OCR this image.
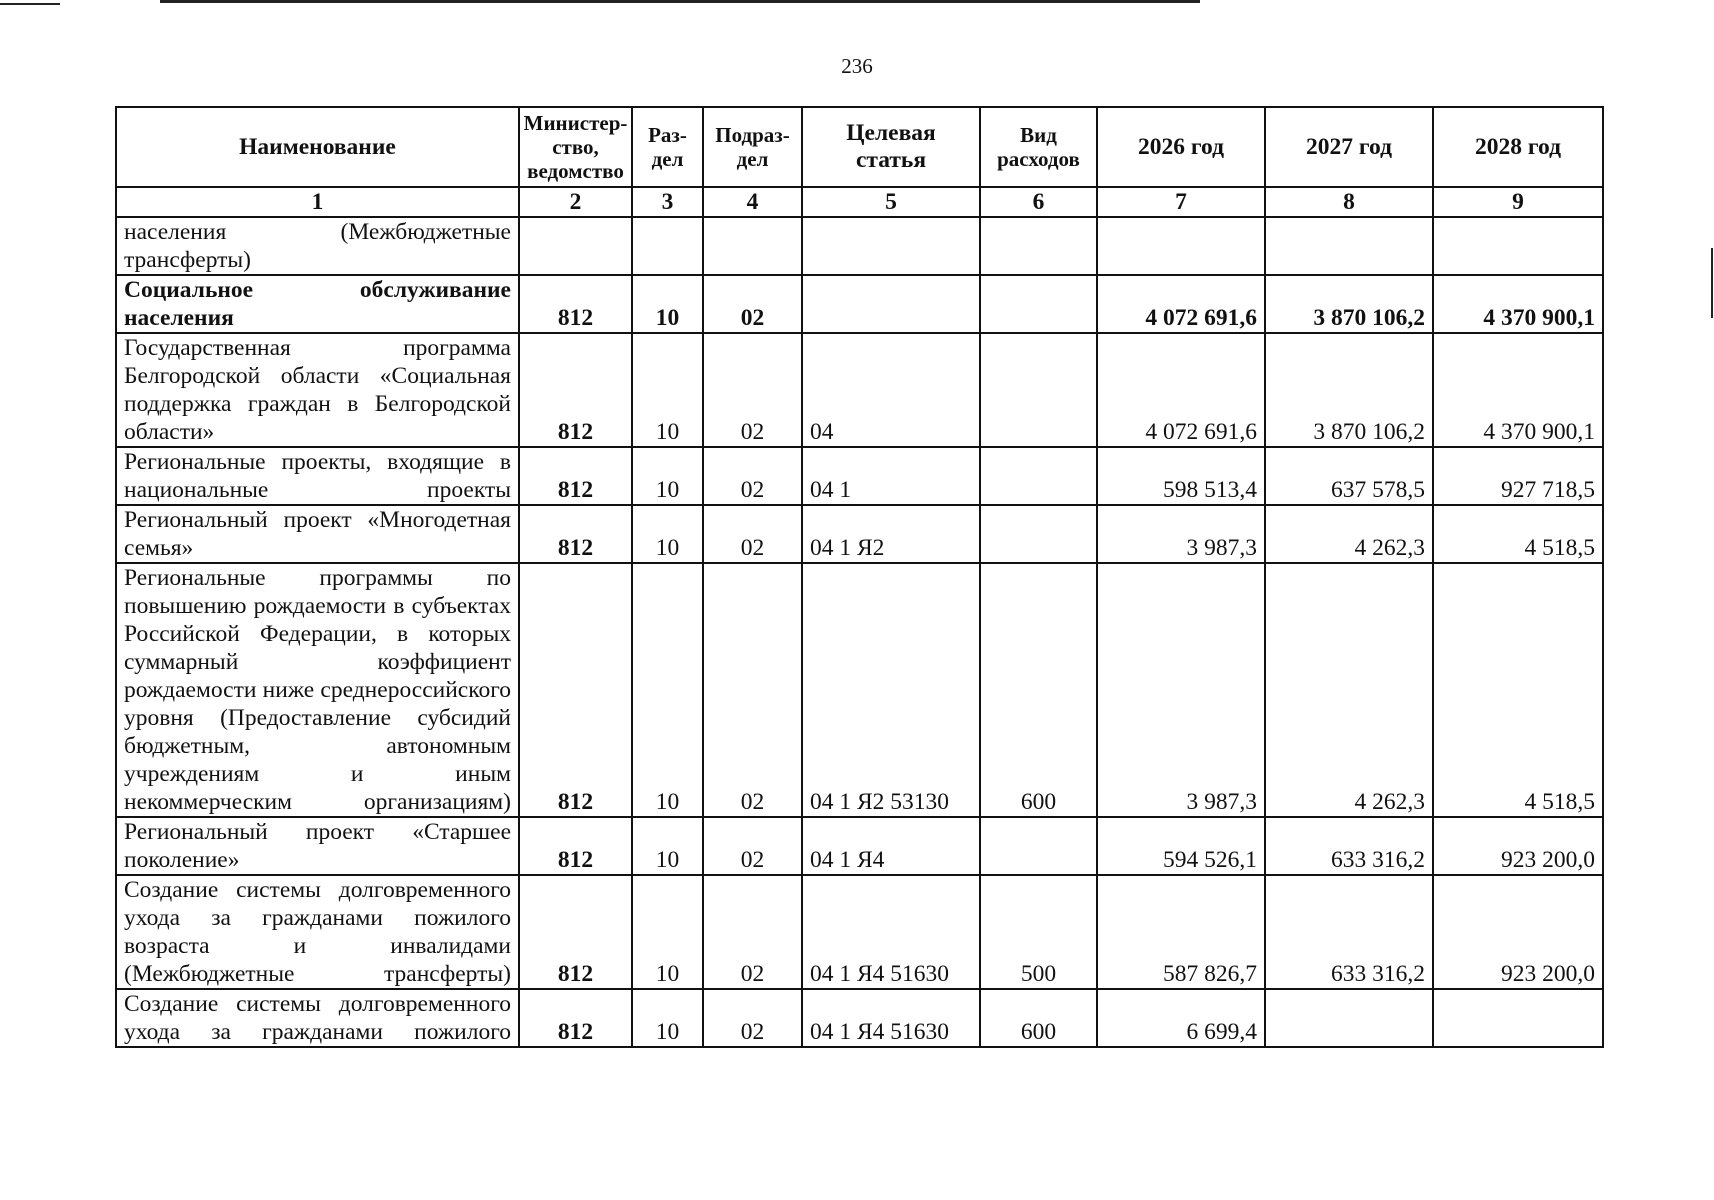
236
Наименование	Министер-ство, ведомство	Раз-дел	Подраз-дел	Целевая статья	Вид расходов	2026 год	2027 год	2028 год
1	2	3	4	5	6	7	8	9
населения (Межбюджетные трансферты)								
Социальное обслуживание населения	812	10	02			4 072 691,6	3 870 106,2	4 370 900,1
Государственная программа Белгородской области «Социальная поддержка граждан в Белгородской области»	812	10	02	04		4 072 691,6	3 870 106,2	4 370 900,1
Региональные проекты, входящие в национальные проекты	812	10	02	04 1		598 513,4	637 578,5	927 718,5
Региональный проект «Многодетная семья»	812	10	02	04 1 Я2		3 987,3	4 262,3	4 518,5
Региональные программы по повышению рождаемости в субъектах Российской Федерации, в которых суммарный коэффициент рождаемости ниже среднероссийского уровня (Предоставление субсидий бюджетным, автономным учреждениям и иным некоммерческим организациям)	812	10	02	04 1 Я2 53130	600	3 987,3	4 262,3	4 518,5
Региональный проект «Старшее поколение»	812	10	02	04 1 Я4		594 526,1	633 316,2	923 200,0
Создание системы долговременного ухода за гражданами пожилого возраста и инвалидами (Межбюджетные трансферты)	812	10	02	04 1 Я4 51630	500	587 826,7	633 316,2	923 200,0
Создание системы долговременного ухода за гражданами пожилого	812	10	02	04 1 Я4 51630	600	6 699,4		
